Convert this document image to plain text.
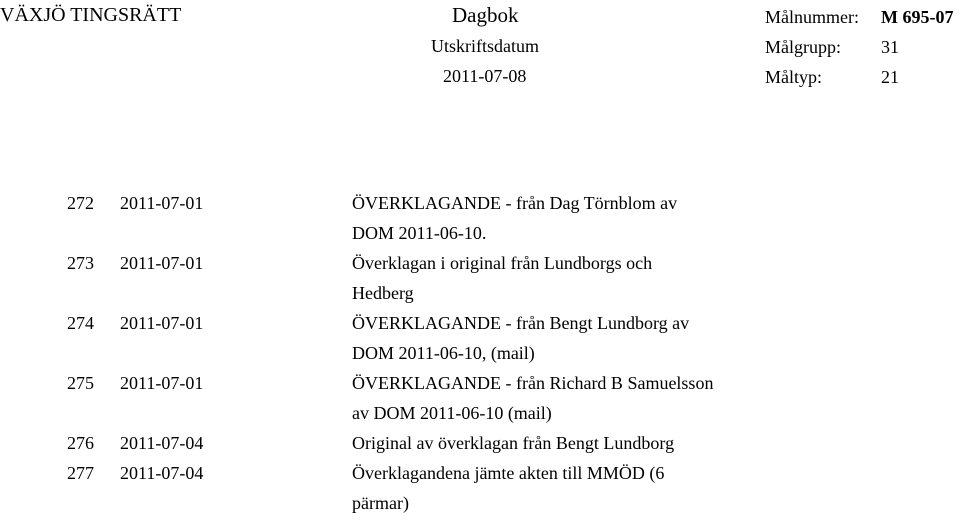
VÄXJÖ TINGSRÄTT	Dagbok
Utskriftsdatum
2011-07-08
Målnummer: M 695-07
Målgrupp: 31
Måltyp:	21
272 2011-07-01	ÖVERKLAGANDE - från Dag Törnblom av
DOM 2011-06-10.
273 2011-07-01	Överklagan i original från Lundborgs och
Hedberg
274 2011-07-01	ÖVERKLAGANDE - från Bengt Lundborg av
DOM 2011-06-10, (mail)
275 2011-07-01	ÖVERKLAGANDE - från Richard B Samuelsson
av DOM 2011-06-10 (mail)
276 2011-07-04	Original av överklagan från Bengt Lundborg
277 2011-07-04	Överklagandena jämte akten till MMÖD (6
pärmar)
